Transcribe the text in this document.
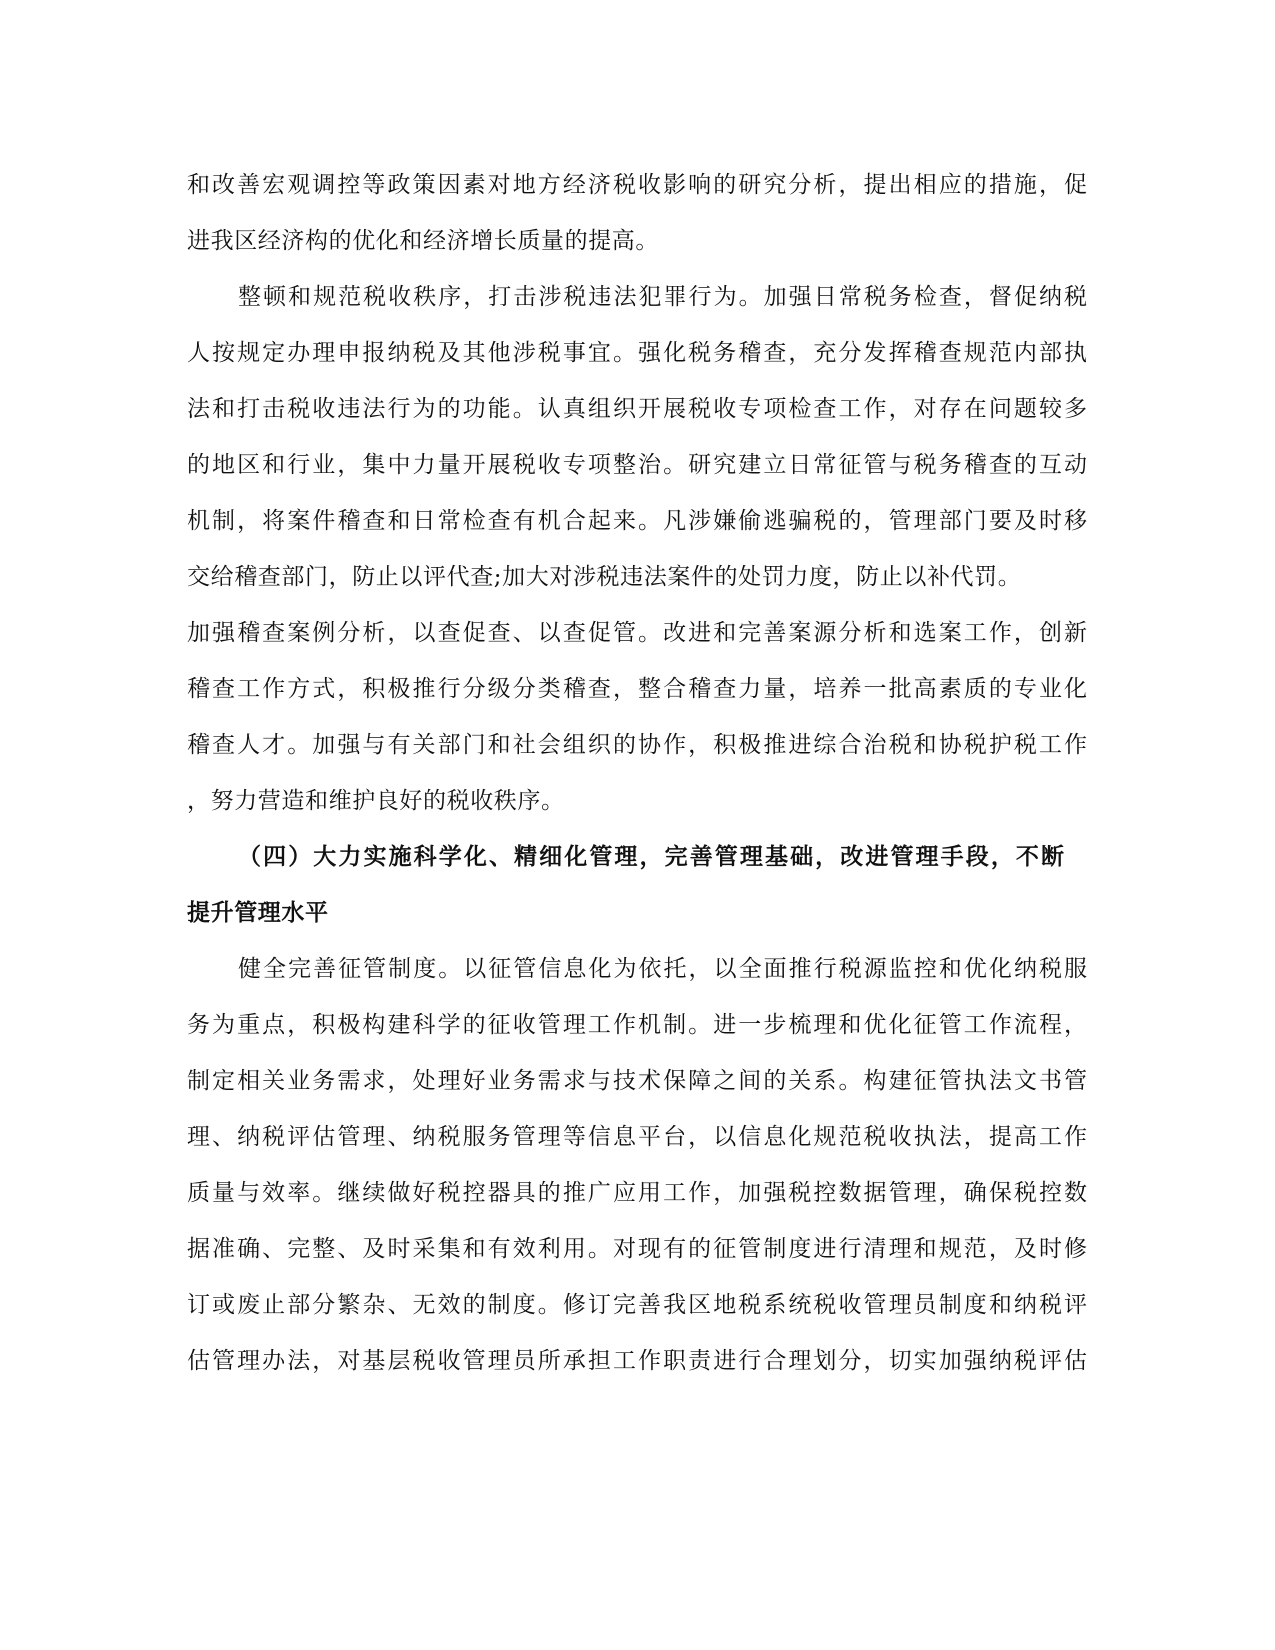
和改善宏观调控等政策因素对地方经济税收影响的研究分析，提出相应的措施，促
进我区经济构的优化和经济增长质量的提高。
整顿和规范税收秩序，打击涉税违法犯罪行为。加强日常税务检查，督促纳税
人按规定办理申报纳税及其他涉税事宜。强化税务稽查，充分发挥稽查规范内部执
法和打击税收违法行为的功能。认真组织开展税收专项检查工作，对存在问题较多
的地区和行业，集中力量开展税收专项整治。研究建立日常征管与税务稽查的互动
机制，将案件稽查和日常检查有机合起来。凡涉嫌偷逃骗税的，管理部门要及时移
交给稽查部门，防止以评代查;加大对涉税违法案件的处罚力度，防止以补代罚。
加强稽查案例分析，以查促查、以查促管。改进和完善案源分析和选案工作，创新
稽查工作方式，积极推行分级分类稽查，整合稽查力量，培养一批高素质的专业化
稽查人才。加强与有关部门和社会组织的协作，积极推进综合治税和协税护税工作
，努力营造和维护良好的税收秩序。
（四）大力实施科学化、精细化管理，完善管理基础，改进管理手段，不断
提升管理水平
健全完善征管制度。以征管信息化为依托，以全面推行税源监控和优化纳税服
务为重点，积极构建科学的征收管理工作机制。进一步梳理和优化征管工作流程，
制定相关业务需求，处理好业务需求与技术保障之间的关系。构建征管执法文书管
理、纳税评估管理、纳税服务管理等信息平台，以信息化规范税收执法，提高工作
质量与效率。继续做好税控器具的推广应用工作，加强税控数据管理，确保税控数
据准确、完整、及时采集和有效利用。对现有的征管制度进行清理和规范，及时修
订或废止部分繁杂、无效的制度。修订完善我区地税系统税收管理员制度和纳税评
估管理办法，对基层税收管理员所承担工作职责进行合理划分，切实加强纳税评估
